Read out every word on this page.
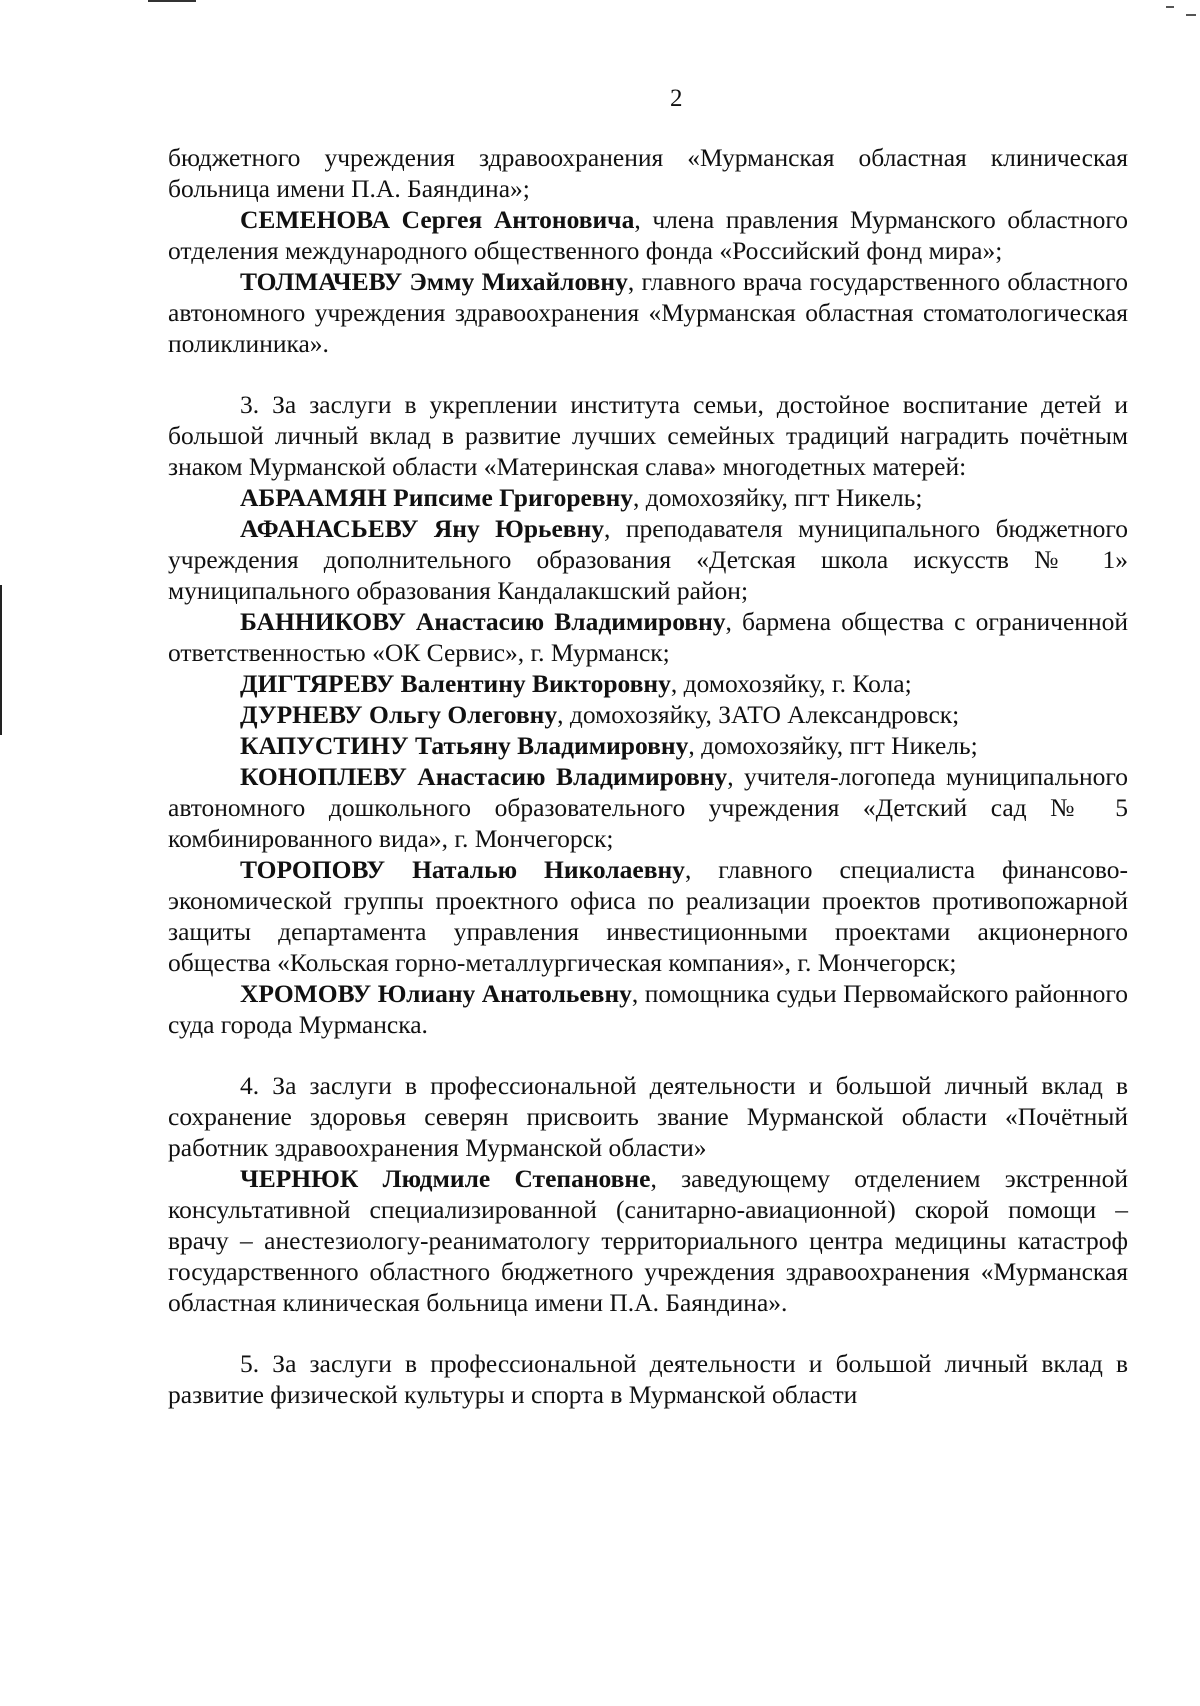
2

бюджетного учреждения здравоохранения «Мурманская областная клиническая больница имени П.А. Баяндина»;

СЕМЕНОВА Сергея Антоновича, члена правления Мурманского областного отделения международного общественного фонда «Российский фонд мира»;

ТОЛМАЧЕВУ Эмму Михайловну, главного врача государственного областного автономного учреждения здравоохранения «Мурманская областная стоматологическая поликлиника».

3. За заслуги в укреплении института семьи, достойное воспитание детей и большой личный вклад в развитие лучших семейных традиций наградить почётным знаком Мурманской области «Материнская слава» многодетных матерей:

АБРААМЯН Рипсиме Григоревну, домохозяйку, пгт Никель;

АФАНАСЬЕВУ Яну Юрьевну, преподавателя муниципального бюджетного учреждения дополнительного образования «Детская школа искусств № 1» муниципального образования Кандалакшский район;

БАННИКОВУ Анастасию Владимировну, бармена общества с ограниченной ответственностью «ОК Сервис», г. Мурманск;

ДИГТЯРЕВУ Валентину Викторовну, домохозяйку, г. Кола;

ДУРНЕВУ Ольгу Олеговну, домохозяйку, ЗАТО Александровск;

КАПУСТИНУ Татьяну Владимировну, домохозяйку, пгт Никель;

КОНОПЛЕВУ Анастасию Владимировну, учителя-логопеда муниципального автономного дошкольного образовательного учреждения «Детский сад № 5 комбинированного вида», г. Мончегорск;

ТОРОПОВУ Наталью Николаевну, главного специалиста финансово-экономической группы проектного офиса по реализации проектов противопожарной защиты департамента управления инвестиционными проектами акционерного общества «Кольская горно-металлургическая компания», г. Мончегорск;

ХРОМОВУ Юлиану Анатольевну, помощника судьи Первомайского районного суда города Мурманска.

4. За заслуги в профессиональной деятельности и большой личный вклад в сохранение здоровья северян присвоить звание Мурманской области «Почётный работник здравоохранения Мурманской области»

ЧЕРНЮК Людмиле Степановне, заведующему отделением экстренной консультативной специализированной (санитарно-авиационной) скорой помощи – врачу – анестезиологу-реаниматологу территориального центра медицины катастроф государственного областного бюджетного учреждения здравоохранения «Мурманская областная клиническая больница имени П.А. Баяндина».

5. За заслуги в профессиональной деятельности и большой личный вклад в развитие физической культуры и спорта в Мурманской области
